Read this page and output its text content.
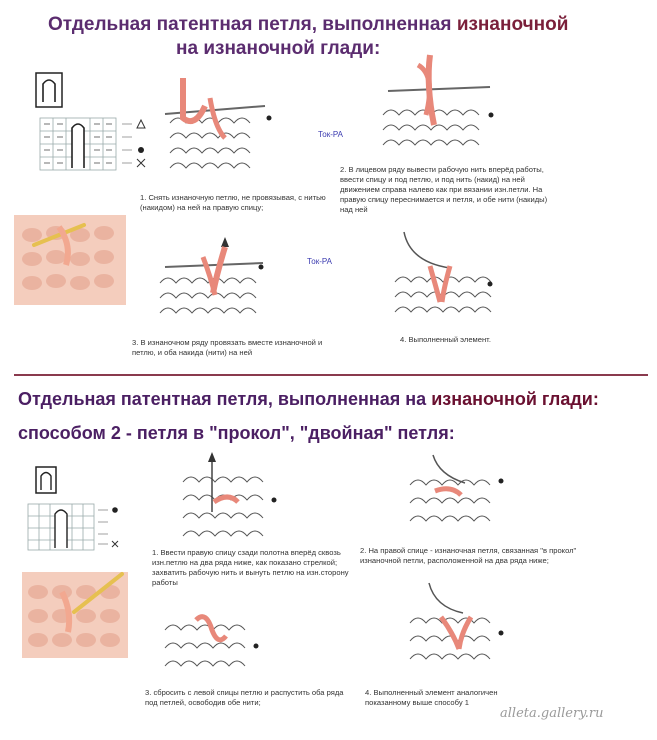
Отдельная патентная петля, выполненная изнаночной
на изнаночной глади:
1. Снять изнаночную петлю, не провязывая, с нитью (накидом) на ней на правую спицу;
Ток-РА
2. В лицевом ряду вывести рабочую нить вперёд работы, ввести спицу и под петлю, и под нить (накид) на ней движением справа налево как при вязании изн.петли. На правую спицу переснимается и петля, и обе нити (накиды) над ней
Ток-РА
3. В изнаночном ряду провязать вместе изнаночной и петлю, и оба накида (нити) на ней
4. Выполненный элемент.
Отдельная патентная петля, выполненная на изнаночной глади:
способом 2 - петля в "прокол", "двойная" петля:
1. Ввести правую спицу сзади полотна вперёд сквозь изн.петлю на два ряда ниже, как показано стрелкой; захватить рабочую нить и вынуть петлю на изн.сторону работы
2. На правой спице - изнаночная петля, связанная "в прокол" изнаночной петли, расположенной на два ряда ниже;
3. сбросить с левой спицы петлю и распустить оба ряда под петлей, освободив обе нити;
4. Выполненный элемент аналогичен показанному выше способу 1
alleta.gallery.ru
